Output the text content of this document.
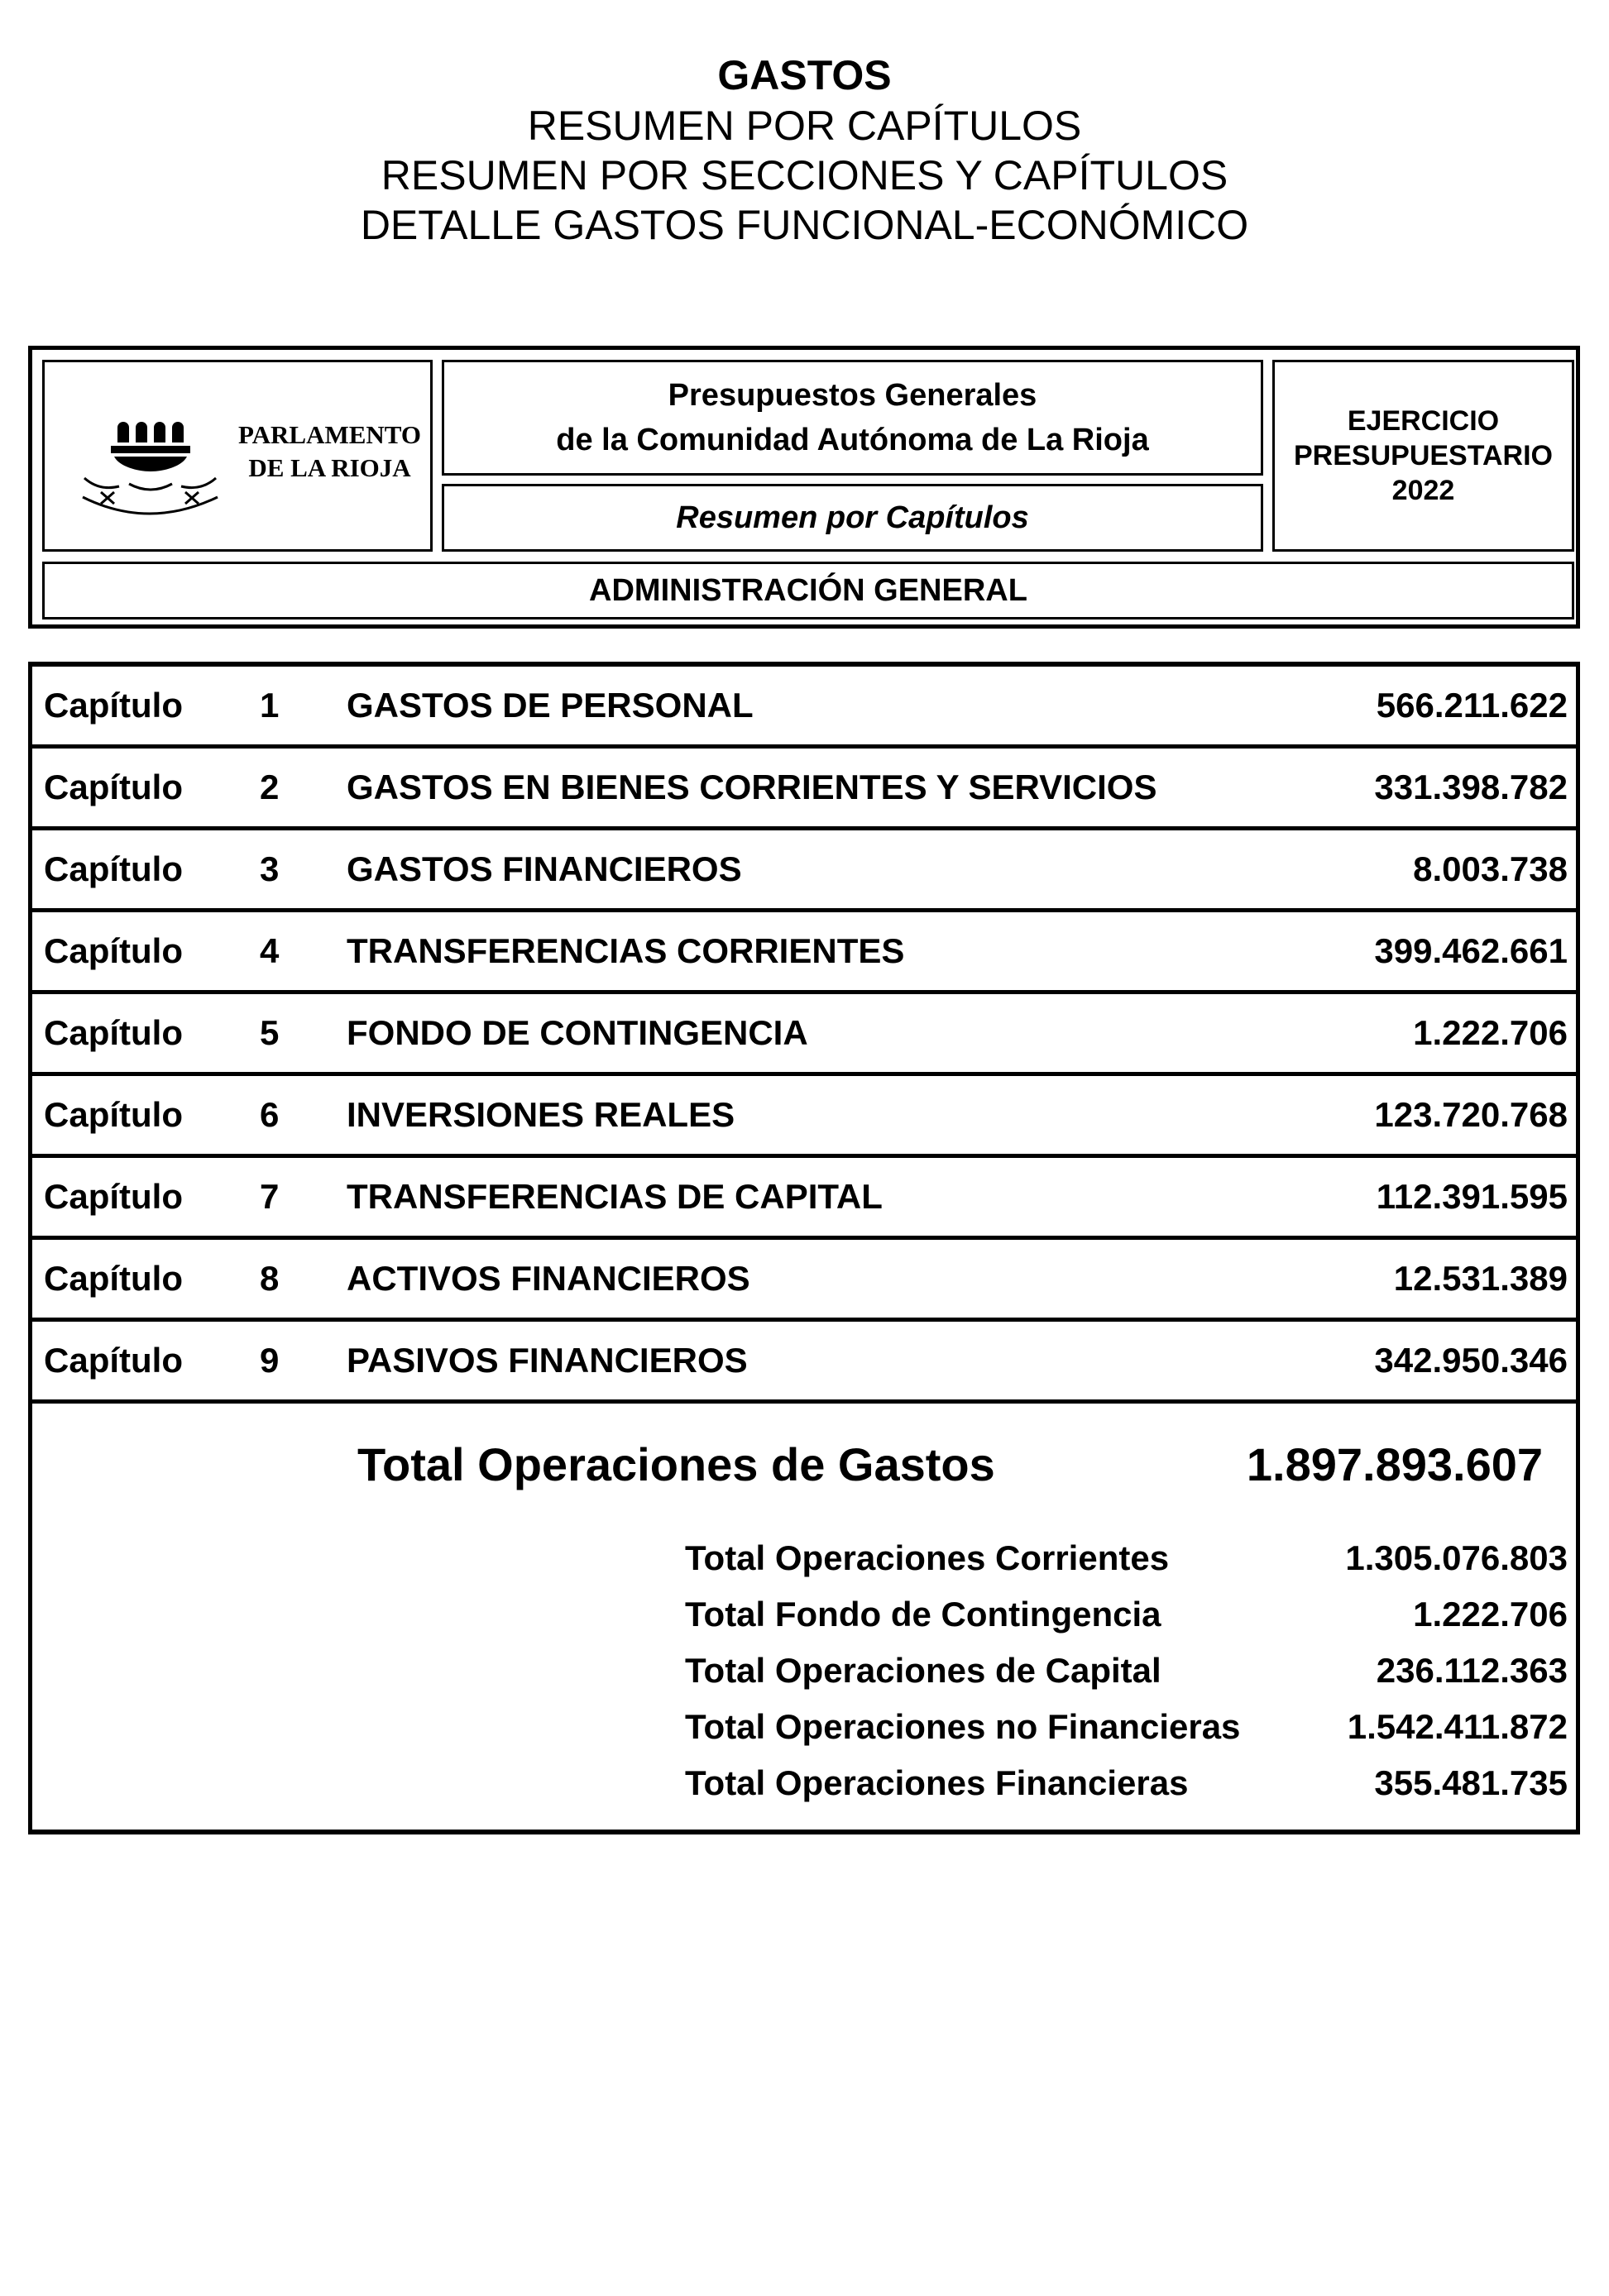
GASTOS
RESUMEN POR CAPÍTULOS
RESUMEN POR SECCIONES Y CAPÍTULOS
DETALLE GASTOS FUNCIONAL-ECONÓMICO
PARLAMENTO
DE LA RIOJA
Presupuestos Generales
de la Comunidad Autónoma de La Rioja
Resumen por Capítulos
EJERCICIO
PRESUPUESTARIO
2022
ADMINISTRACIÓN GENERAL
Capítulo 1 GASTOS DE PERSONAL	566.211.622
Capítulo 2 GASTOS EN BIENES CORRIENTES Y SERVICIOS	331.398.782
Capítulo 3 GASTOS FINANCIEROS	8.003.738
Capítulo 4 TRANSFERENCIAS CORRIENTES	399.462.661
Capítulo 5 FONDO DE CONTINGENCIA	1.222.706
Capítulo 6 INVERSIONES REALES	123.720.768
Capítulo 7 TRANSFERENCIAS DE CAPITAL	112.391.595
Capítulo 8 ACTIVOS FINANCIEROS	12.531.389
Capítulo 9 PASIVOS FINANCIEROS	342.950.346
Total Operaciones de Gastos	1.897.893.607
Total Operaciones Corrientes	1.305.076.803
Total Fondo de Contingencia	1.222.706
Total Operaciones de Capital	236.112.363
Total Operaciones no Financieras	1.542.411.872
Total Operaciones Financieras	355.481.735
